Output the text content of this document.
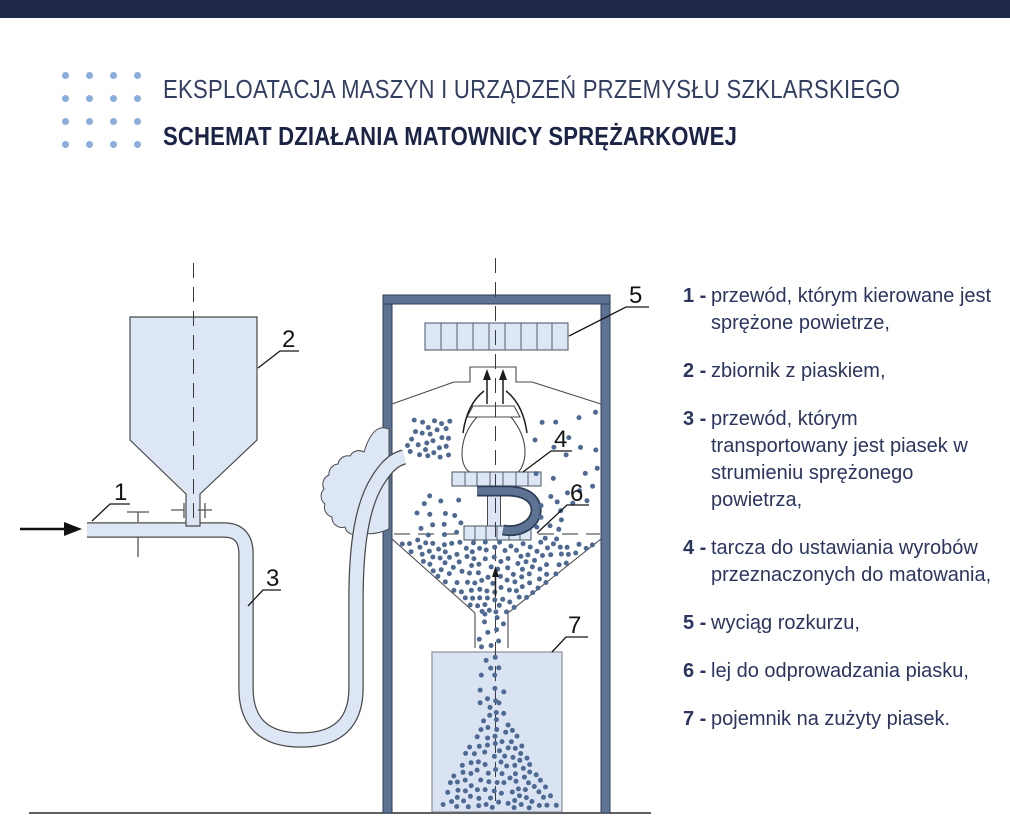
EKSPLOATACJA MASZYN I URZĄDZEŃ PRZEMYSŁU SZKLARSKIEGO
SCHEMAT DZIAŁANIA MATOWNICY SPRĘŻARKOWEJ
1
2
3
4
5
6
7
1 - przewód, którym kierowane jest sprężone powietrze,
2 - zbiornik z piaskiem,
3 - przewód, którym transportowany jest piasek w strumieniu sprężonego powietrza,
4 - tarcza do ustawiania wyrobów przeznaczonych do matowania,
5 - wyciąg rozkurzu,
6 - lej do odprowadzania piasku,
7 - pojemnik na zużyty piasek.
